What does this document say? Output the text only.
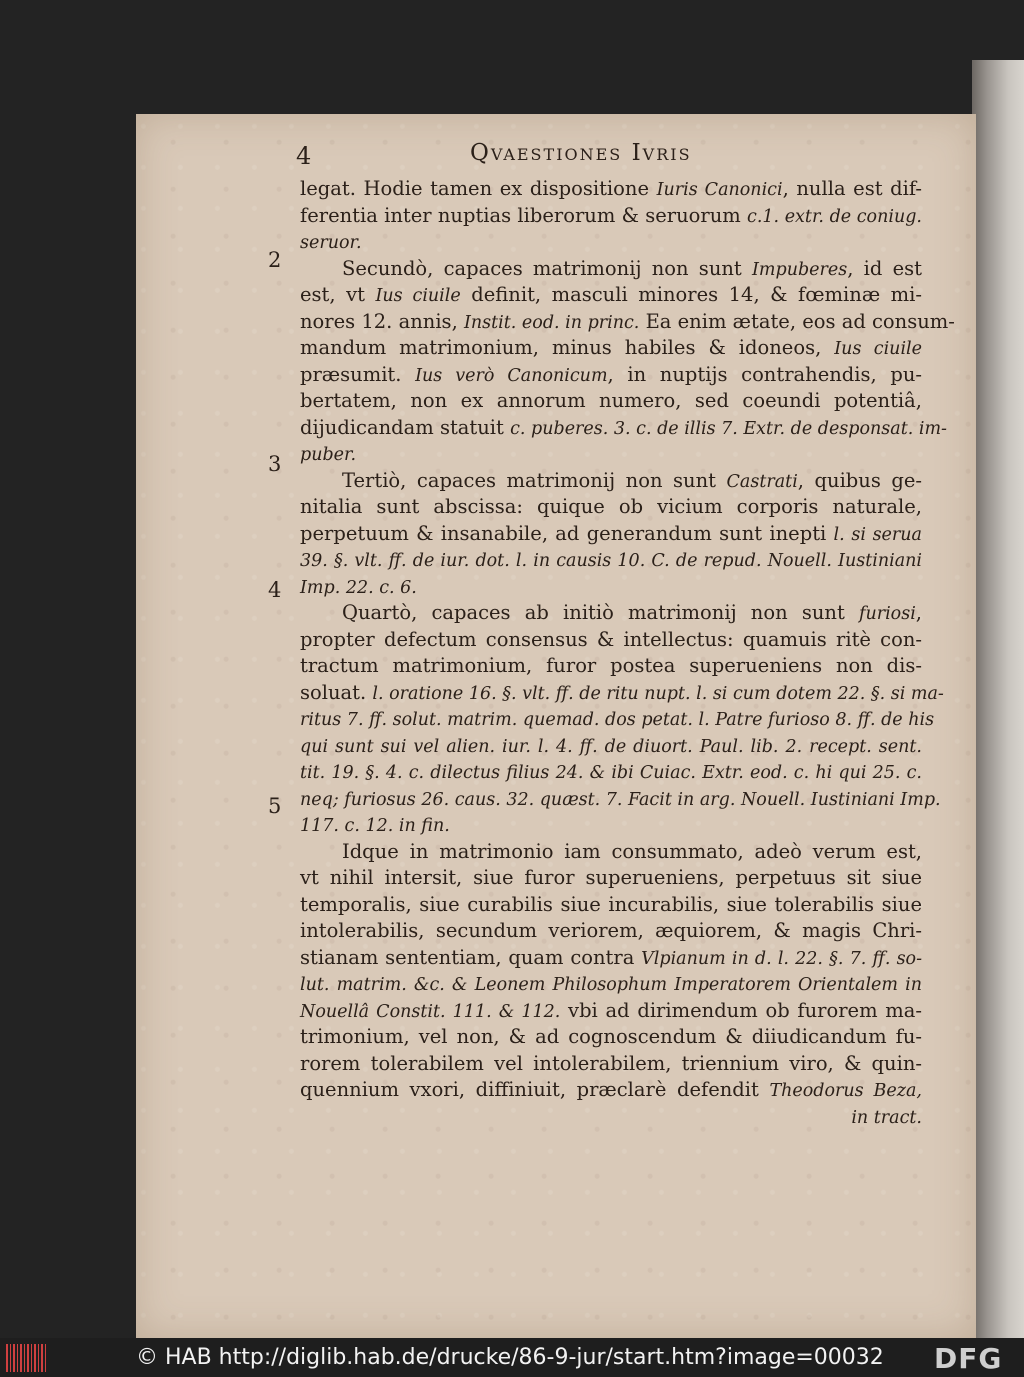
4	Qvaestiones Ivris
2
3
4
5
legat. Hodie tamen ex dispositione Iuris Canonici, nulla est dif-
ferentia inter nuptias liberorum & seruorum c.1. extr. de coniug.
seruor.
Secundò, capaces matrimonij non sunt Impuberes, id est
est, vt Ius ciuile definit, masculi minores 14, & fœminæ mi-
nores 12. annis, Instit. eod. in princ. Ea enim ætate, eos ad consum-
mandum matrimonium, minus habiles & idoneos, Ius ciuile
præsumit. Ius verò Canonicum, in nuptijs contrahendis, pu-
bertatem, non ex annorum numero, sed coeundi potentiâ,
dijudicandam statuit c. puberes. 3. c. de illis 7. Extr. de desponsat. im-
puber.
Tertiò, capaces matrimonij non sunt Castrati, quibus ge-
nitalia sunt abscissa: quique ob vicium corporis naturale,
perpetuum & insanabile, ad generandum sunt inepti l. si serua
39. §. vlt. ff. de iur. dot. l. in causis 10. C. de repud. Nouell. Iustiniani
Imp. 22. c. 6.
Quartò, capaces ab initiò matrimonij non sunt furiosi,
propter defectum consensus & intellectus: quamuis ritè con-
tractum matrimonium, furor postea superueniens non dis-
soluat. l. oratione 16. §. vlt. ff. de ritu nupt. l. si cum dotem 22. §. si ma-
ritus 7. ff. solut. matrim. quemad. dos petat. l. Patre furioso 8. ff. de his
qui sunt sui vel alien. iur. l. 4. ff. de diuort. Paul. lib. 2. recept. sent.
tit. 19. §. 4. c. dilectus filius 24. & ibi Cuiac. Extr. eod. c. hi qui 25. c.
neq; furiosus 26. caus. 32. quæst. 7. Facit in arg. Nouell. Iustiniani Imp.
117. c. 12. in fin.
Idque in matrimonio iam consummato, adeò verum est,
vt nihil intersit, siue furor superueniens, perpetuus sit siue
temporalis, siue curabilis siue incurabilis, siue tolerabilis siue
intolerabilis, secundum veriorem, æquiorem, & magis Chri-
stianam sententiam, quam contra Vlpianum in d. l. 22. §. 7. ff. so-
lut. matrim. &c. & Leonem Philosophum Imperatorem Orientalem in
Nouellâ Constit. 111. & 112. vbi ad dirimendum ob furorem ma-
trimonium, vel non, & ad cognoscendum & diiudicandum fu-
rorem tolerabilem vel intolerabilem, triennium viro, & quin-
quennium vxori, diffiniuit, præclarè defendit Theodorus Beza,
in tract.
© HAB http://diglib.hab.de/drucke/86-9-jur/start.htm?image=00032 DFG
